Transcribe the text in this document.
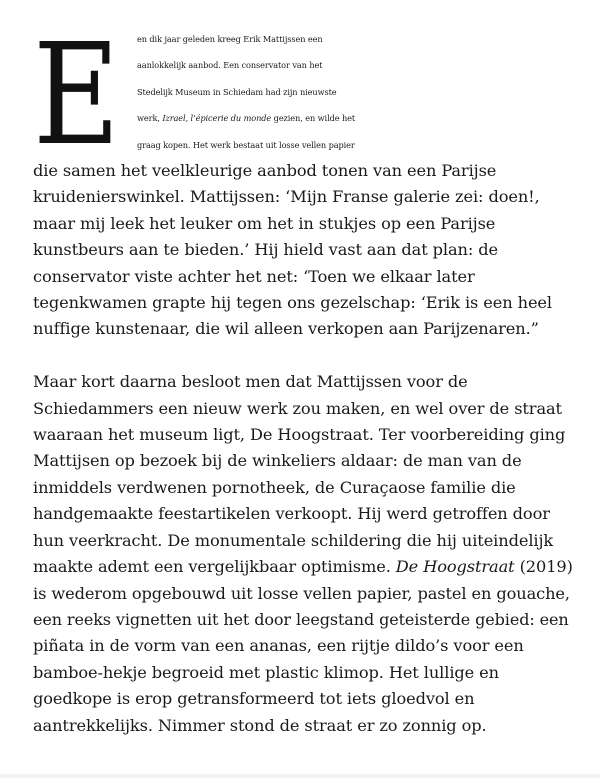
E	en dik jaar geleden kreeg Erik Mattijssen een
aanlokkelijk aanbod. Een conservator van het
Stedelijk Museum in Schiedam had zijn nieuwste
werk, Izrael, l’épicerie du monde gezien, en wilde het
graag kopen. Het werk bestaat uit losse vellen papier
die samen het veelkleurige aanbod tonen van een Parijse
kruidenierswinkel. Mattijssen: ‘Mijn Franse galerie zei: doen!,
maar mij leek het leuker om het in stukjes op een Parijse
kunstbeurs aan te bieden.’ Hij hield vast aan dat plan: de
conservator viste achter het net: ‘Toen we elkaar later
tegenkwamen grapte hij tegen ons gezelschap: ‘Erik is een heel
nuffige kunstenaar, die wil alleen verkopen aan Parijzenaren.”

Maar kort daarna besloot men dat Mattijssen voor de
Schiedammers een nieuw werk zou maken, en wel over de straat
waaraan het museum ligt, De Hoogstraat. Ter voorbereiding ging
Mattijsen op bezoek bij de winkeliers aldaar: de man van de
inmiddels verdwenen pornotheek, de Curaçaose familie die
handgemaakte feestartikelen verkoopt. Hij werd getroffen door
hun veerkracht. De monumentale schildering die hij uiteindelijk
maakte ademt een vergelijkbaar optimisme. De Hoogstraat (2019)
is wederom opgebouwd uit losse vellen papier, pastel en gouache,
een reeks vignetten uit het door leegstand geteisterde gebied: een
piñata in de vorm van een ananas, een rijtje dildo’s voor een
bamboe-hekje begroeid met plastic klimop. Het lullige en
goedkope is erop getransformeerd tot iets gloedvol en
aantrekkelijks. Nimmer stond de straat er zo zonnig op.
